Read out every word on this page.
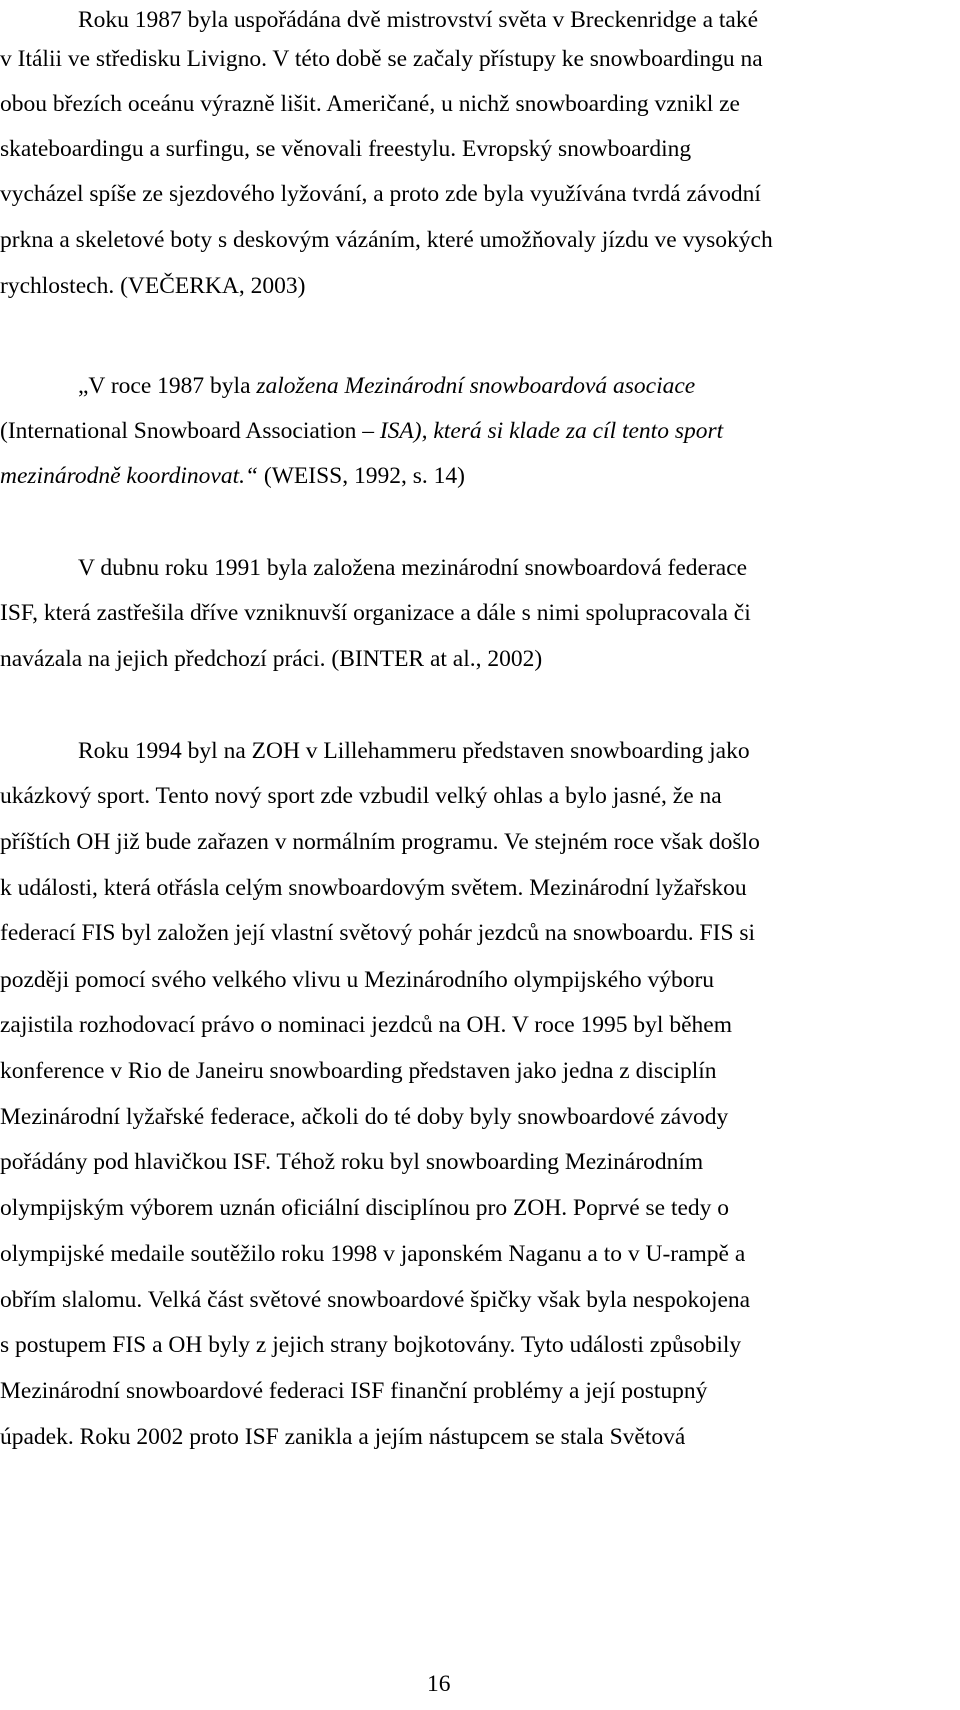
Roku 1987 byla uspořádána dvě mistrovství světa v Breckenridge a také
v Itálii ve středisku Livigno. V této době se začaly přístupy ke snowboardingu na
obou březích oceánu výrazně lišit. Američané, u nichž snowboarding vznikl ze
skateboardingu a surfingu, se věnovali freestylu. Evropský snowboarding
vycházel spíše ze sjezdového lyžování, a proto zde byla využívána tvrdá závodní
prkna a skeletové boty s deskovým vázáním, které umožňovaly jízdu ve vysokých
rychlostech. (VEČERKA, 2003)
„V roce 1987 byla založena Mezinárodní snowboardová asociace
(International Snowboard Association – ISA), která si klade za cíl tento sport
mezinárodně koordinovat.“ (WEISS, 1992, s. 14)
V dubnu roku 1991 byla založena mezinárodní snowboardová federace
ISF, která zastřešila dříve vzniknuvší organizace a dále s nimi spolupracovala či
navázala na jejich předchozí práci. (BINTER at al., 2002)
Roku 1994 byl na ZOH v Lillehammeru představen snowboarding jako
ukázkový sport. Tento nový sport zde vzbudil velký ohlas a bylo jasné, že na
příštích OH již bude zařazen v normálním programu. Ve stejném roce však došlo
k události, která otřásla celým snowboardovým světem. Mezinárodní lyžařskou
federací FIS byl založen její vlastní světový pohár jezdců na snowboardu. FIS si
později pomocí svého velkého vlivu u Mezinárodního olympijského výboru
zajistila rozhodovací právo o nominaci jezdců na OH. V roce 1995 byl během
konference v Rio de Janeiru snowboarding představen jako jedna z disciplín
Mezinárodní lyžařské federace, ačkoli do té doby byly snowboardové závody
pořádány pod hlavičkou ISF. Téhož roku byl snowboarding Mezinárodním
olympijským výborem uznán oficiální disciplínou pro ZOH. Poprvé se tedy o
olympijské medaile soutěžilo roku 1998 v japonském Naganu a to v U-rampě a
obřím slalomu. Velká část světové snowboardové špičky však byla nespokojena
s postupem FIS a OH byly z jejich strany bojkotovány. Tyto události způsobily
Mezinárodní snowboardové federaci ISF finanční problémy a její postupný
úpadek. Roku 2002 proto ISF zanikla a jejím nástupcem se stala Světová
16
